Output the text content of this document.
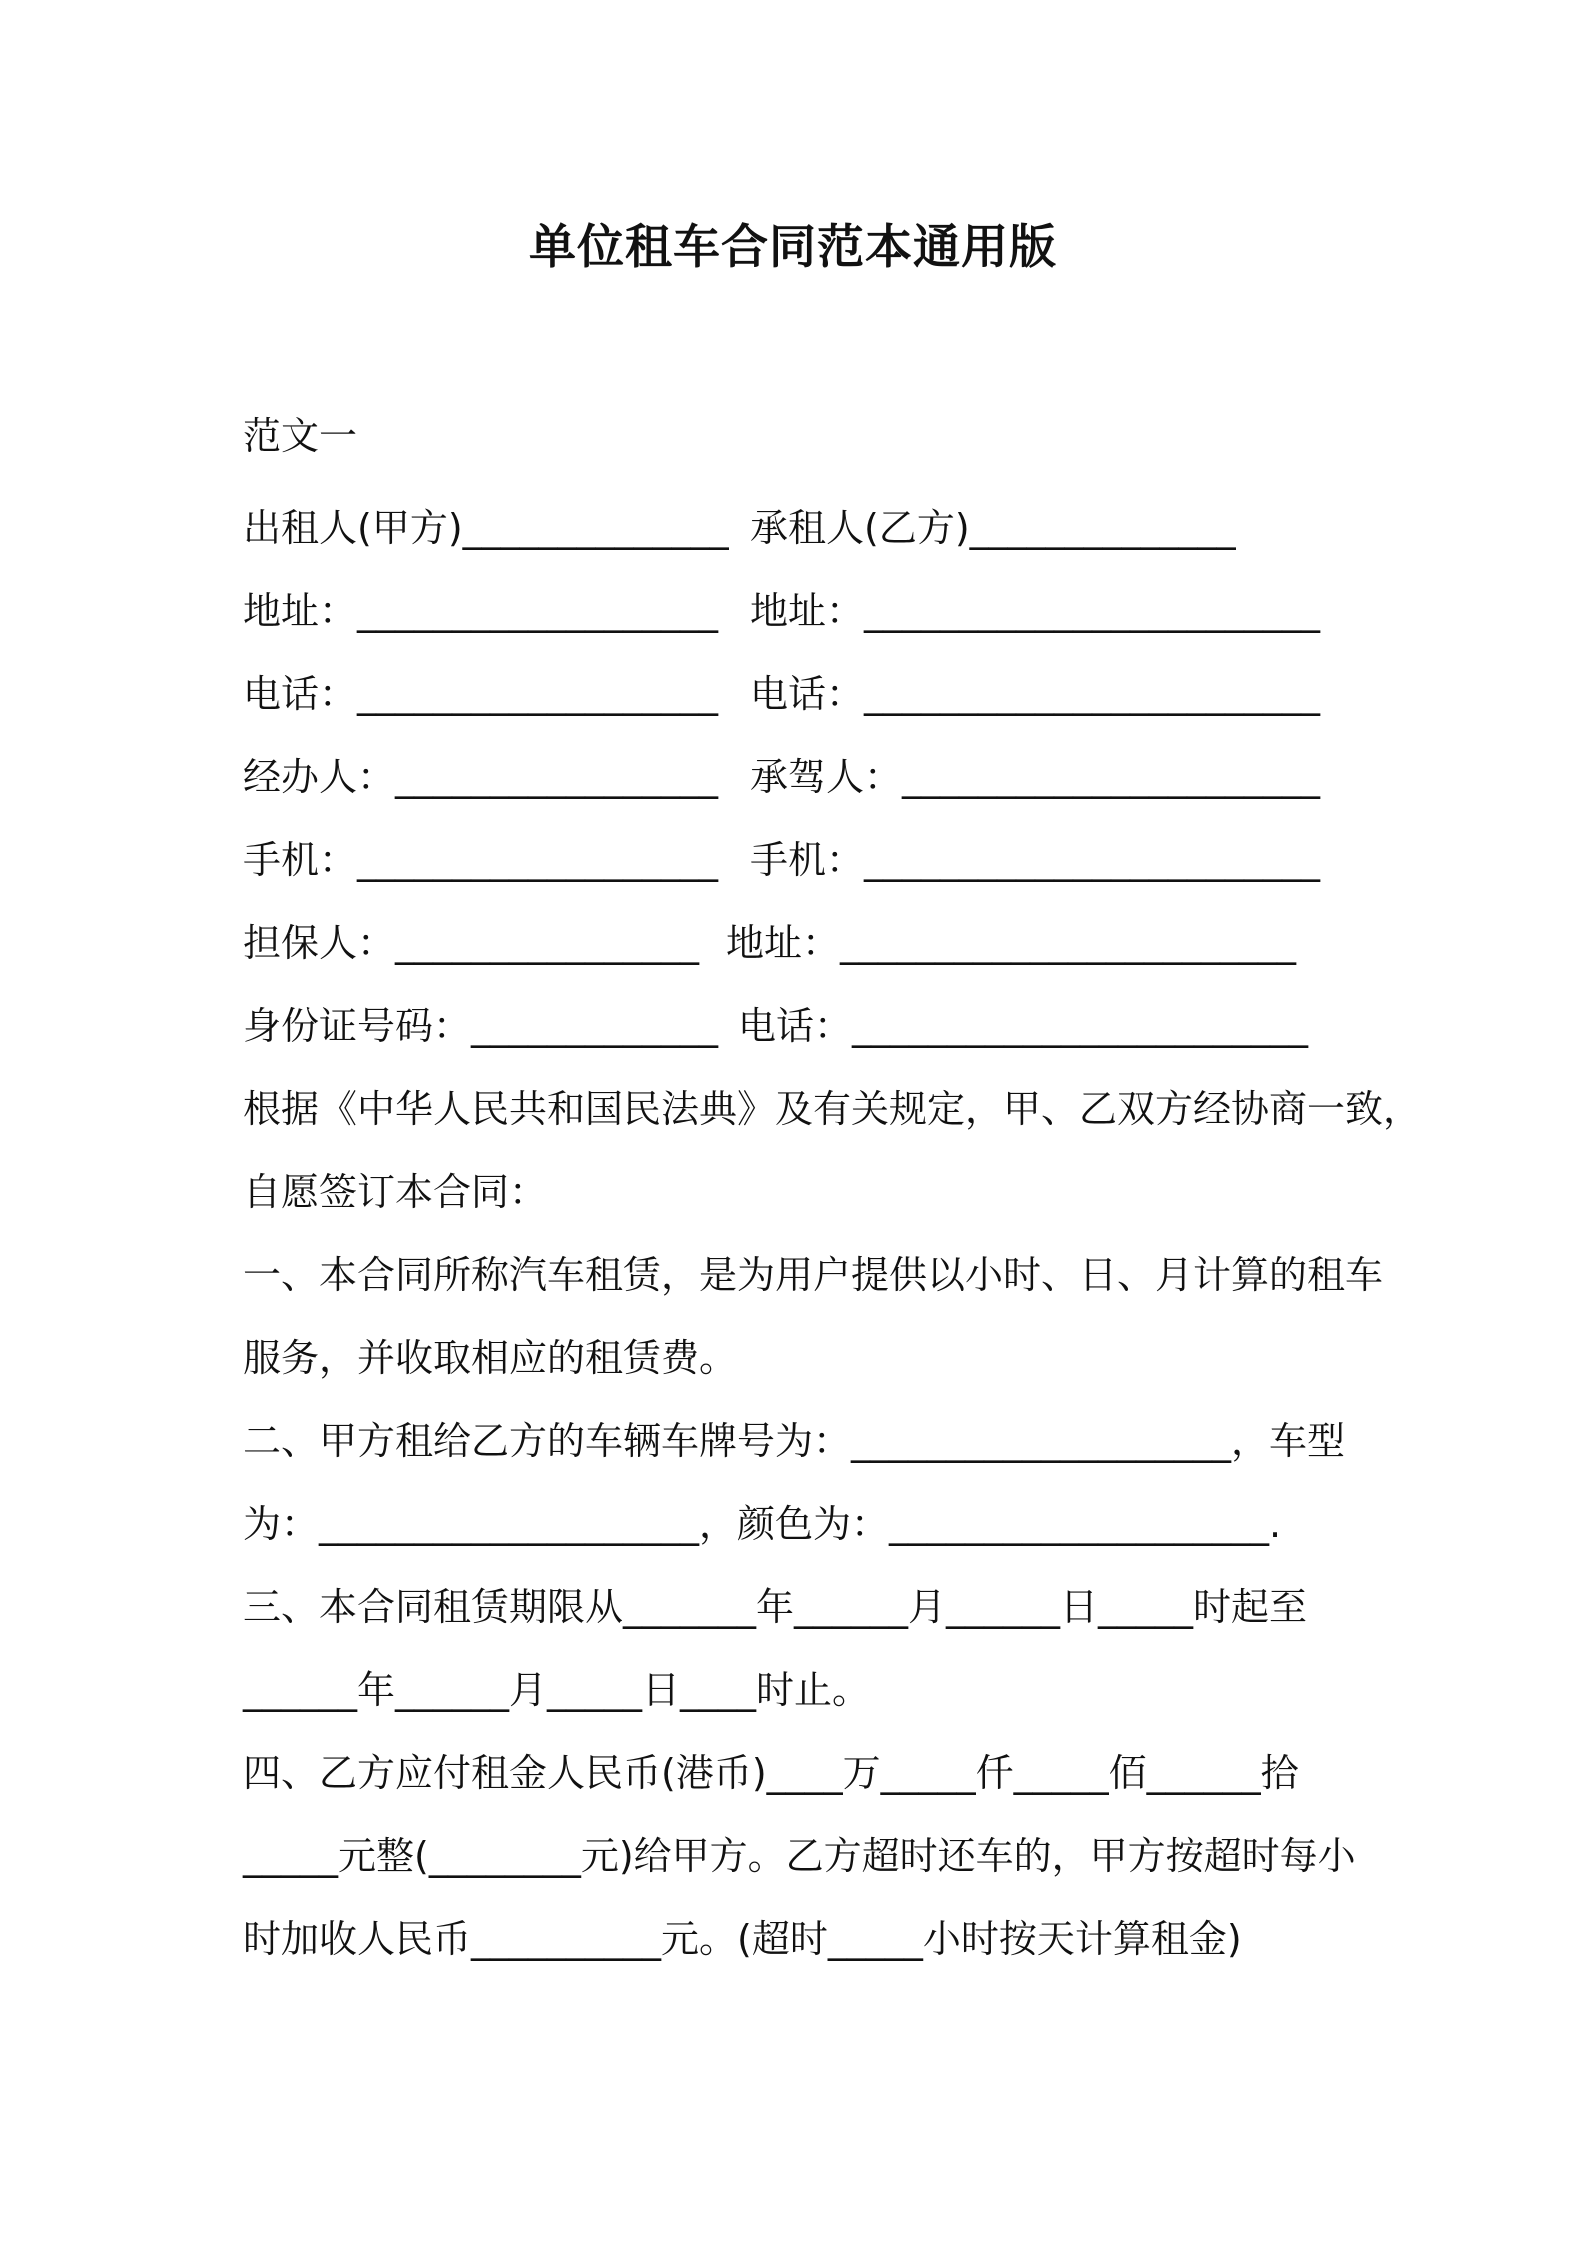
单位租车合同范本通用版
范文一
出租人(甲方)______________ 承租人(乙方)______________
地址：___________________ 地址：________________________
电话：___________________ 电话：________________________
经办人：_________________ 承驾人：______________________
手机：___________________ 手机：________________________
担保人：________________ 地址：________________________
身份证号码：_____________ 电话：________________________
根据《中华人民共和国民法典》及有关规定，甲、乙双方经协商一致，
自愿签订本合同：
一、本合同所称汽车租赁，是为用户提供以小时、日、月计算的租车
服务，并收取相应的租赁费。
二、甲方租给乙方的车辆车牌号为：____________________，车型
为：____________________，颜色为：____________________.
三、本合同租赁期限从_______年______月______日_____时起至
______年______月_____日____时止。
四、乙方应付租金人民币(港币)____万_____仟_____佰______拾
_____元整(________元)给甲方。乙方超时还车的，甲方按超时每小
时加收人民币__________元。(超时_____小时按天计算租金)
